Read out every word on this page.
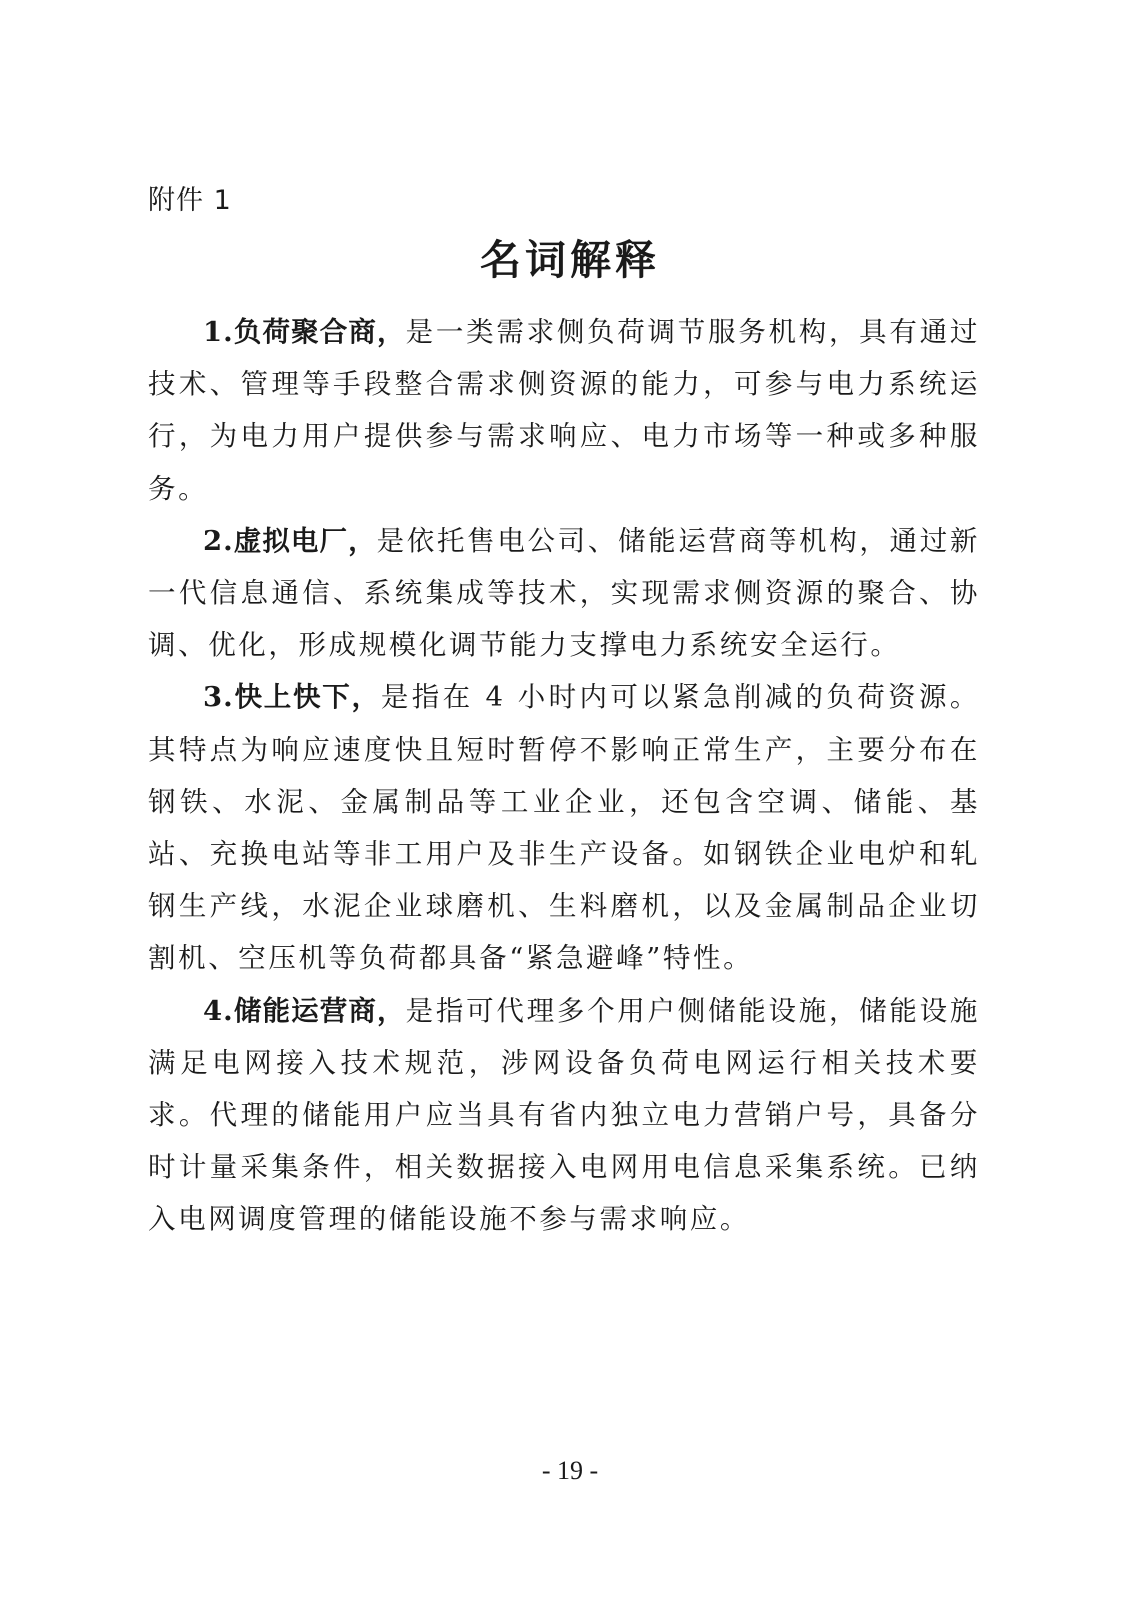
附件 1
名词解释

1.负荷聚合商，是一类需求侧负荷调节服务机构，具有通过技术、管理等手段整合需求侧资源的能力，可参与电力系统运行，为电力用户提供参与需求响应、电力市场等一种或多种服务。

2.虚拟电厂，是依托售电公司、储能运营商等机构，通过新一代信息通信、系统集成等技术，实现需求侧资源的聚合、协调、优化，形成规模化调节能力支撑电力系统安全运行。

3.快上快下，是指在 4 小时内可以紧急削减的负荷资源。其特点为响应速度快且短时暂停不影响正常生产，主要分布在钢铁、水泥、金属制品等工业企业，还包含空调、储能、基站、充换电站等非工用户及非生产设备。如钢铁企业电炉和轧钢生产线，水泥企业球磨机、生料磨机，以及金属制品企业切割机、空压机等负荷都具备“紧急避峰”特性。

4.储能运营商，是指可代理多个用户侧储能设施，储能设施满足电网接入技术规范，涉网设备负荷电网运行相关技术要求。代理的储能用户应当具有省内独立电力营销户号，具备分时计量采集条件，相关数据接入电网用电信息采集系统。已纳入电网调度管理的储能设施不参与需求响应。

- 19 -
